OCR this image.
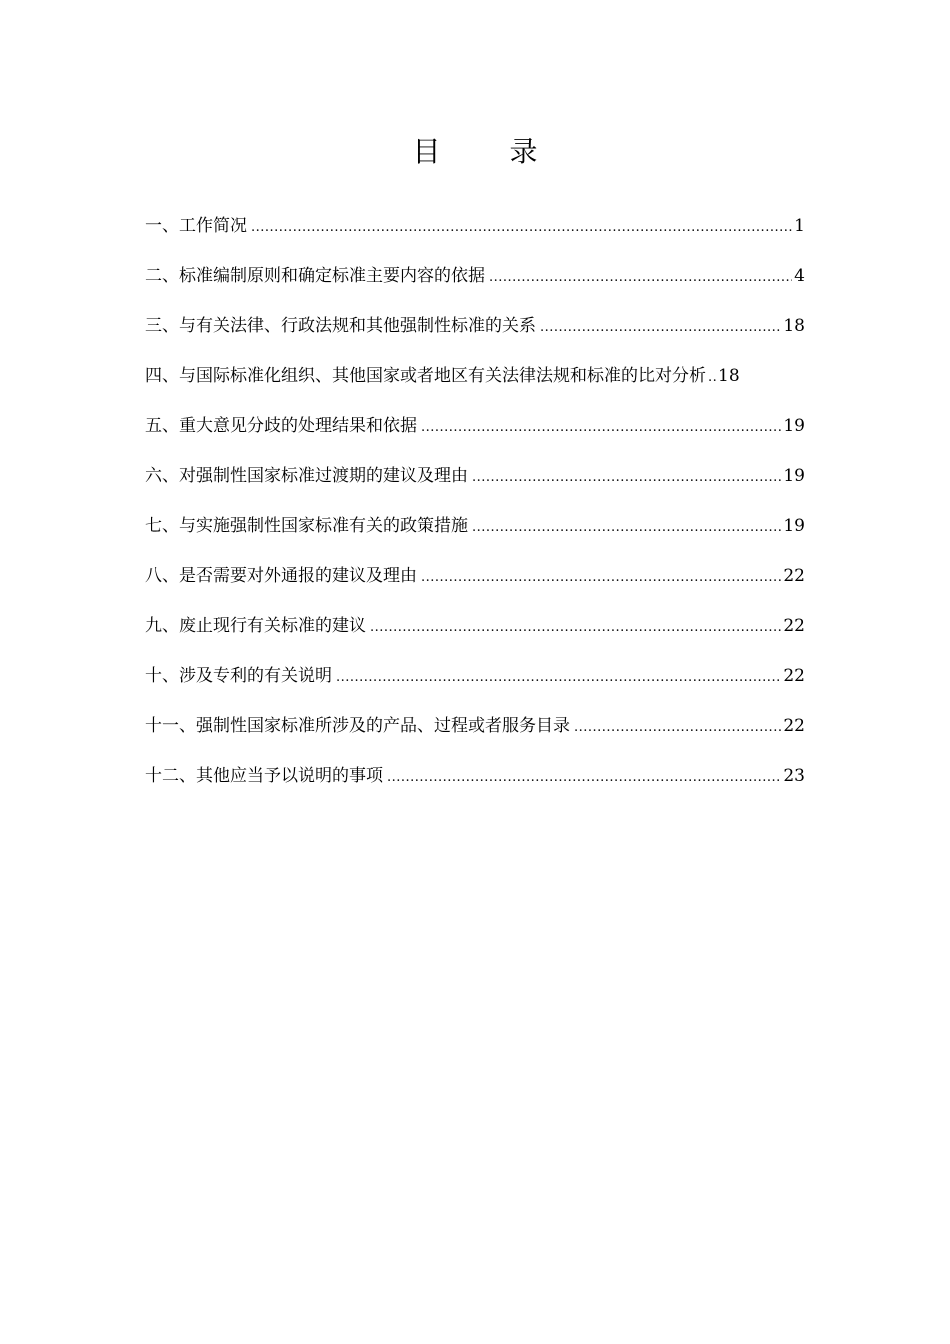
目 录
一、工作简况 .....	1
二、标准编制原则和确定标准主要内容的依据 .....	4
三、与有关法律、行政法规和其他强制性标准的关系 .....	18
四、与国际标准化组织、其他国家或者地区有关法律法规和标准的比对分析 ..... 18
五、重大意见分歧的处理结果和依据 .....	19
六、对强制性国家标准过渡期的建议及理由 .....	19
七、与实施强制性国家标准有关的政策措施 .....	19
八、是否需要对外通报的建议及理由 .....	22
九、废止现行有关标准的建议 .....	22
十、涉及专利的有关说明 .....	22
十一、强制性国家标准所涉及的产品、过程或者服务目录 .....	22
十二、其他应当予以说明的事项 .....	23
